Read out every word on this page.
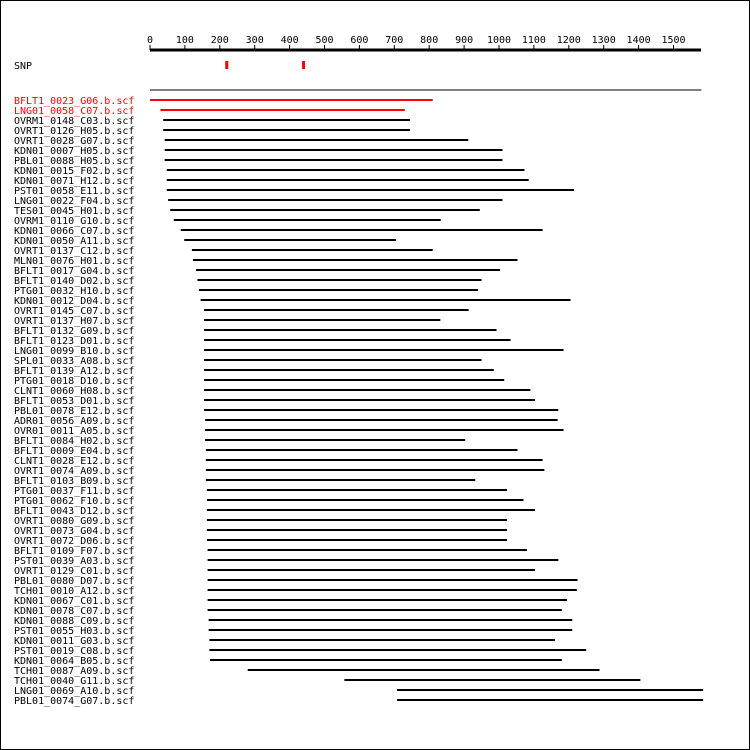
0 100 200 300 400 500 600 700 800 900 1000 1100 1200 1300 1400 1500
SNP
BFLT1_0023_G06.b.scf
LNG01_0058_C07.b.scf
OVRM1_0148_C03.b.scf
OVRT1_0126_H05.b.scf
OVRT1_0028_G07.b.scf
KDN01_0007_H05.b.scf
PBL01_0088_H05.b.scf
KDN01_0015_F02.b.scf
KDN01_0071_H12.b.scf
PST01_0058_E11.b.scf
LNG01_0022_F04.b.scf
TES01_0045_H01.b.scf
OVRM1_0110_G10.b.scf
KDN01_0066_C07.b.scf
KDN01_0050_A11.b.scf
OVRT1_0137_C12.b.scf
MLN01_0076_H01.b.scf
BFLT1_0017_G04.b.scf
BFLT1_0140_D02.b.scf
PTG01_0032_H10.b.scf
KDN01_0012_D04.b.scf
OVRT1_0145_C07.b.scf
OVRT1_0137_H07.b.scf
BFLT1_0132_G09.b.scf
BFLT1_0123_D01.b.scf
LNG01_0099_B10.b.scf
SPL01_0033_A08.b.scf
BFLT1_0139_A12.b.scf
PTG01_0018_D10.b.scf
CLNT1_0060_H08.b.scf
BFLT1_0053_D01.b.scf
PBL01_0078_E12.b.scf
ADR01_0056_A09.b.scf
OVR01_0011_A05.b.scf
BFLT1_0084_H02.b.scf
BFLT1_0009_E04.b.scf
CLNT1_0028_E12.b.scf
OVRT1_0074_A09.b.scf
BFLT1_0103_B09.b.scf
PTG01_0037_F11.b.scf
PTG01_0062_F10.b.scf
BFLT1_0043_D12.b.scf
OVRT1_0080_G09.b.scf
OVRT1_0073_G04.b.scf
OVRT1_0072_D06.b.scf
BFLT1_0109_F07.b.scf
PST01_0039_A03.b.scf
OVRT1_0129_C01.b.scf
PBL01_0080_D07.b.scf
TCH01_0010_A12.b.scf
KDN01_0067_C01.b.scf
KDN01_0078_C07.b.scf
KDN01_0088_C09.b.scf
PST01_0055_H03.b.scf
KDN01_0011_G03.b.scf
PST01_0019_C08.b.scf
KDN01_0064_B05.b.scf
TCH01_0087_A09.b.scf
TCH01_0040_G11.b.scf
LNG01_0069_A10.b.scf
PBL01_0074_G07.b.scf
